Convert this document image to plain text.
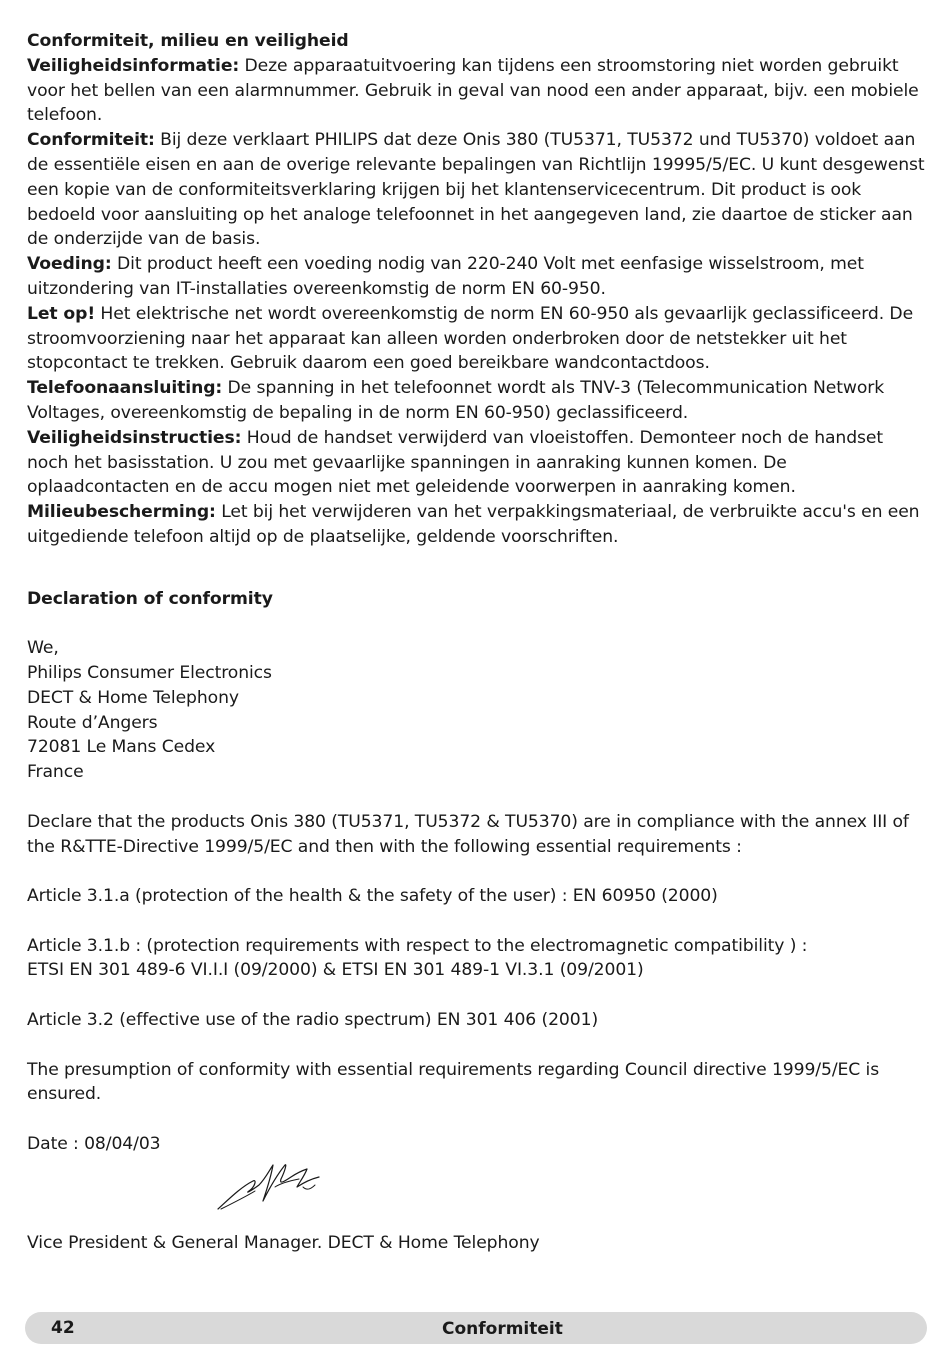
Conformiteit, milieu en veiligheid

Veiligheidsinformatie: Deze apparaatuitvoering kan tijdens een stroomstoring niet worden gebruikt voor het bellen van een alarmnummer. Gebruik in geval van nood een ander apparaat, bijv. een mobiele telefoon.

Conformiteit: Bij deze verklaart PHILIPS dat deze Onis 380 (TU5371, TU5372 und TU5370) voldoet aan de essentiële eisen en aan de overige relevante bepalingen van Richtlijn 19995/5/EC. U kunt desgewenst een kopie van de conformiteitsverklaring krijgen bij het klantenservicecentrum. Dit product is ook bedoeld voor aansluiting op het analoge telefoonnet in het aangegeven land, zie daartoe de sticker aan de onderzijde van de basis.

Voeding: Dit product heeft een voeding nodig van 220-240 Volt met eenfasige wisselstroom, met uitzondering van IT-installaties overeenkomstig de norm EN 60-950.

Let op! Het elektrische net wordt overeenkomstig de norm EN 60-950 als gevaarlijk geclassificeerd. De stroomvoorziening naar het apparaat kan alleen worden onderbroken door de netstekker uit het stopcontact te trekken. Gebruik daarom een goed bereikbare wandcontactdoos.

Telefoonaansluiting: De spanning in het telefoonnet wordt als TNV-3 (Telecommunication Network Voltages, overeenkomstig de bepaling in de norm EN 60-950) geclassificeerd.

Veiligheidsinstructies: Houd de handset verwijderd van vloeistoffen. Demonteer noch de handset noch het basisstation. U zou met gevaarlijke spanningen in aanraking kunnen komen. De oplaadcontacten en de accu mogen niet met geleidende voorwerpen in aanraking komen.

Milieubescherming: Let bij het verwijderen van het verpakkingsmateriaal, de verbruikte accu's en een uitgediende telefoon altijd op de plaatselijke, geldende voorschriften.

Declaration of conformity

We,

Philips Consumer Electronics

DECT & Home Telephony

Route d’Angers

72081 Le Mans Cedex

France

Declare that the products Onis 380 (TU5371, TU5372 & TU5370) are in compliance with the annex III of the R&TTE-Directive 1999/5/EC and then with the following essential requirements :

Article 3.1.a (protection of the health & the safety of the user) : EN 60950 (2000)

Article 3.1.b : (protection requirements with respect to the electromagnetic compatibility ) :

ETSI EN 301 489-6 VI.I.I (09/2000) & ETSI EN 301 489-1 VI.3.1 (09/2001)

Article 3.2 (effective use of the radio spectrum) EN 301 406 (2001)

The presumption of conformity with essential requirements regarding Council directive 1999/5/EC is ensured.

Date : 08/04/03

Vice President & General Manager. DECT & Home Telephony

42	Conformiteit
